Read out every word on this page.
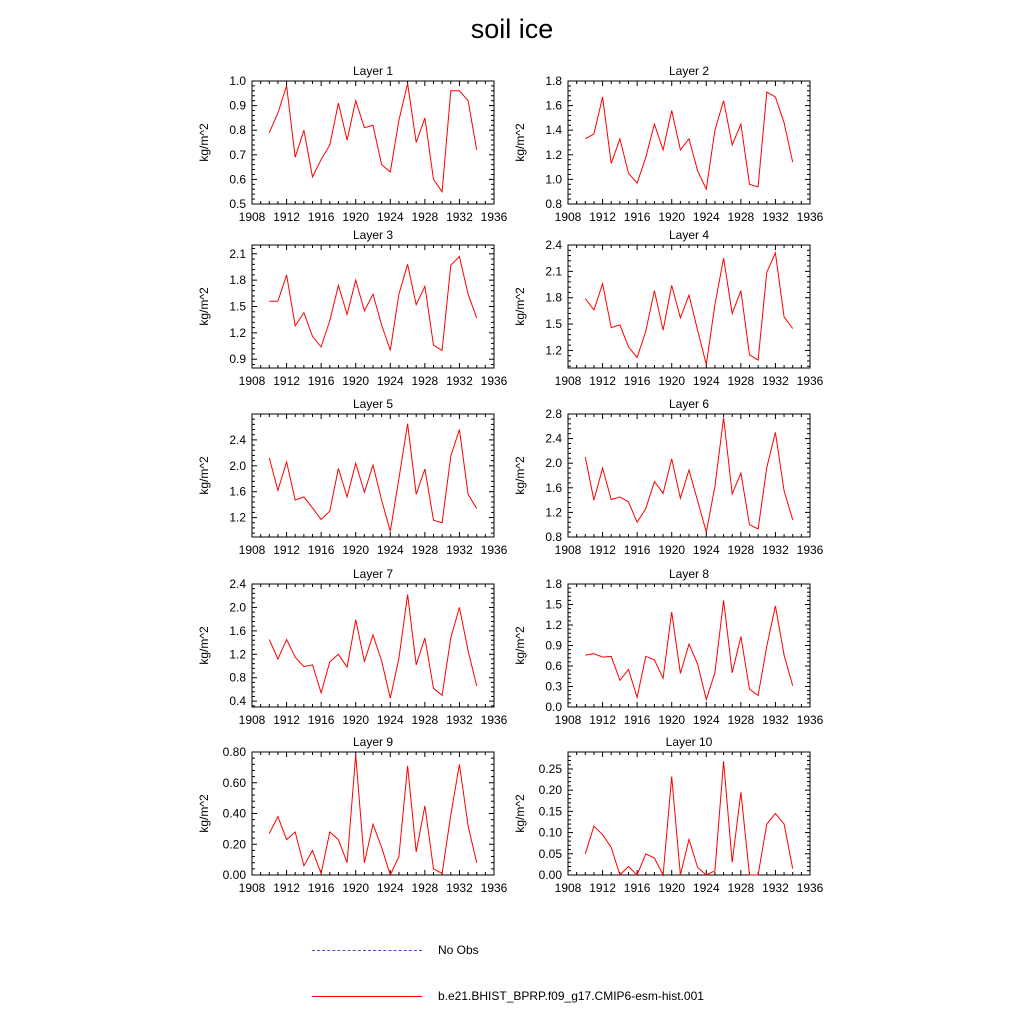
soil ice
Layer 1
kg/m^2
1908 1912 1916 1920 1924 1928 1932 1936
0.5
0.6
0.7
0.8
0.9
1.0
Layer 2
kg/m^2
1908 1912 1916 1920 1924 1928 1932 1936
0.8
1.0
1.2
1.4
1.6
1.8
Layer 3
kg/m^2
1908 1912 1916 1920 1924 1928 1932 1936
0.9
1.2
1.5
1.8
2.1
Layer 4
kg/m^2
1908 1912 1916 1920 1924 1928 1932 1936
1.2
1.5
1.8
2.1
2.4
Layer 5
kg/m^2
1908 1912 1916 1920 1924 1928 1932 1936
1.2
1.6
2.0
2.4
Layer 6
kg/m^2
1908 1912 1916 1920 1924 1928 1932 1936
0.8
1.2
1.6
2.0
2.4
2.8
Layer 7
kg/m^2
1908 1912 1916 1920 1924 1928 1932 1936
0.4
0.8
1.2
1.6
2.0
2.4
Layer 8
kg/m^2
1908 1912 1916 1920 1924 1928 1932 1936
0.0
0.3
0.6
0.9
1.2
1.5
1.8
Layer 9
kg/m^2
1908 1912 1916 1920 1924 1928 1932 1936
0.00
0.20
0.40
0.60
0.80
Layer 10
kg/m^2
1908 1912 1916 1920 1924 1928 1932 1936
0.00
0.05
0.10
0.15
0.20
0.25
No Obs
b.e21.BHIST_BPRP.f09_g17.CMIP6-esm-hist.001
